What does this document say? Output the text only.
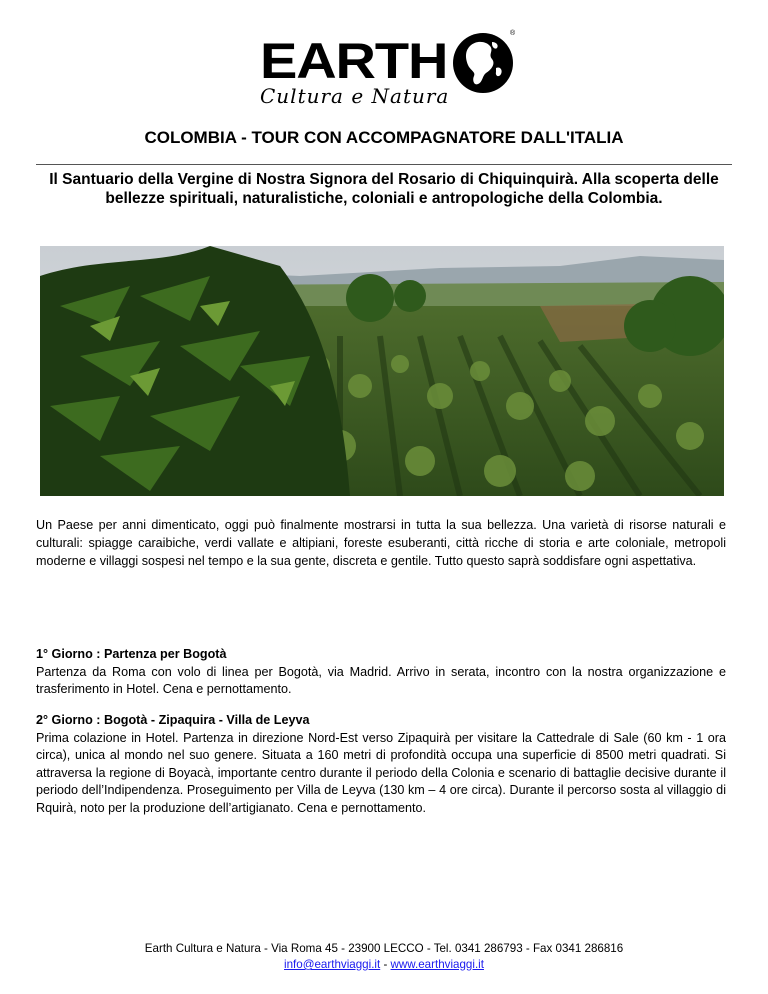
EARTH	®
Cultura e Natura
COLOMBIA - TOUR CON ACCOMPAGNATORE DALL'ITALIA
Il Santuario della Vergine di Nostra Signora del Rosario di Chiquinquirà. Alla scoperta delle bellezze spirituali, naturalistiche, coloniali e antropologiche della Colombia.
Un Paese per anni dimenticato, oggi può finalmente mostrarsi in tutta la sua bellezza. Una varietà di risorse naturali e culturali: spiagge caraibiche, verdi vallate e altipiani, foreste esuberanti, città ricche di storia e arte coloniale, metropoli moderne e villaggi sospesi nel tempo e la sua gente, discreta e gentile. Tutto questo saprà soddisfare ogni aspettativa.
1° Giorno : Partenza per Bogotà
Partenza da Roma con volo di linea per Bogotà, via Madrid. Arrivo in serata, incontro con la nostra organizzazione e trasferimento in Hotel. Cena e pernottamento.
2° Giorno : Bogotà - Zipaquira - Villa de Leyva
Prima colazione in Hotel. Partenza in direzione Nord-Est verso Zipaquirà per visitare la Cattedrale di Sale (60 km - 1 ora circa), unica al mondo nel suo genere. Situata a 160 metri di profondità occupa una superficie di 8500 metri quadrati. Si attraversa la regione di Boyacà, importante centro durante il periodo della Colonia e scenario di battaglie decisive durante il periodo dell’Indipendenza. Proseguimento per Villa de Leyva (130 km – 4 ore circa). Durante il percorso sosta al villaggio di Rquirà, noto per la produzione dell’artigianato. Cena e pernottamento.
Earth Cultura e Natura - Via Roma 45 - 23900 LECCO - Tel. 0341 286793 - Fax 0341 286816
info@earthviaggi.it - www.earthviaggi.it
